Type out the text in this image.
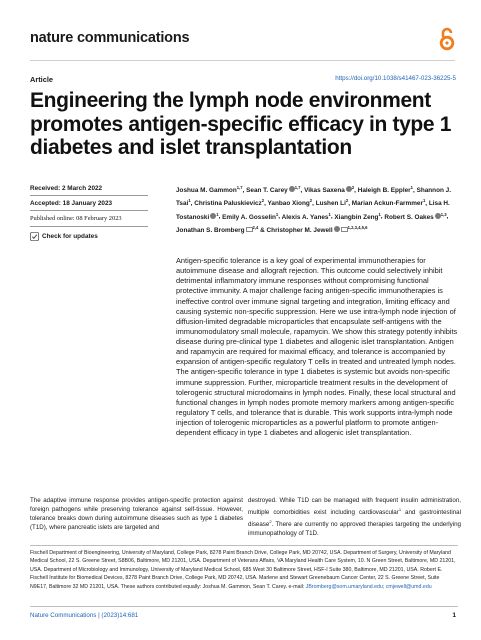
nature communications
Article	https://doi.org/10.1038/s41467-023-36225-5
Engineering the lymph node environment promotes antigen-specific efficacy in type 1 diabetes and islet transplantation
Received: 2 March 2022
Accepted: 18 January 2023
Published online: 08 February 2023
Check for updates
Joshua M. Gammon$^{1,7}$, Sean T. Carey $^{1,7}$, Vikas Saxena $^2$, Haleigh B. Eppler$^1$, Shannon J. Tsai$^1$, Christina Paluskievicz$^2$, Yanbao Xiong$^2$, Lushen Li$^2$, Marian Ackun-Farmmer$^1$, Lisa H. Tostanoski $^1$, Emily A. Gosselin$^1$, Alexis A. Yanes$^1$, Xiangbin Zeng$^1$, Robert S. Oakes $^{1,3}$, Jonathan S. Bromberg $^{2,4}$ & Christopher M. Jewell	$^{1,2,3,4,5,6}$
Antigen-specific tolerance is a key goal of experimental immunotherapies for autoimmune disease and allograft rejection. This outcome could selectively inhibit detrimental inflammatory immune responses without compromising functional protective immunity. A major challenge facing antigen-specific immunotherapies is ineffective control over immune signal targeting and integration, limiting efficacy and causing systemic non-specific suppression. Here we use intra-lymph node injection of diffusion-limited degradable microparticles that encapsulate self-antigens with the immunomodulatory small molecule, rapamycin. We show this strategy potently inhibits disease during pre-clinical type 1 diabetes and allogenic islet transplantation. Antigen and rapamycin are required for maximal efficacy, and tolerance is accompanied by expansion of antigen-specific regulatory T cells in treated and untreated lymph nodes. The antigen-specific tolerance in type 1 diabetes is systemic but avoids non-specific immune suppression. Further, microparticle treatment results in the development of tolerogenic structural microdomains in lymph nodes. Finally, these local structural and functional changes in lymph nodes promote memory markers among antigen-specific regulatory T cells, and tolerance that is durable. This work supports intra-lymph node injection of tolerogenic microparticles as a powerful platform to promote antigen-dependent efficacy in type 1 diabetes and allogenic islet transplantation.
The adaptive immune response provides antigen-specific protection against foreign pathogens while preserving tolerance against self-tissue. However, tolerance breaks down during autoimmune diseases such as type 1 diabetes (T1D), where pancreatic islets are targeted and
destroyed. While T1D can be managed with frequent insulin administration, multiple comorbidities exist including cardiovascular$^1$ and gastrointestinal disease$^2$. There are currently no approved therapies targeting the underlying immunopathology of T1D.
Fischell Department of Bioengineering, University of Maryland, College Park, 8278 Paint Branch Drive, College Park, MD 20742, USA. Department of Surgery, University of Maryland Medical School, 22 S. Greene Street, S8B06, Baltimore, MD 21201, USA. Department of Veterans Affairs, VA Maryland Health Care System, 10. N Green Street, Baltimore, MD 21201, USA. Department of Microbiology and Immunology, University of Maryland Medical School, 685 West 30 Baltimore Street, HSF-I Suite 380, Baltimore, MD 21201, USA. Robert E. Fischell Institute for Biomedical Devices, 8278 Paint Branch Drive, College Park, MD 20742, USA. Marlene and Stewart Greenebaum Cancer Center, 22 S. Greene Street, Suite N9E17, Baltimore 32 MD 21201, USA. These authors contributed equally: Joshua M. Gammon, Sean T. Carey. e-mail: JBromberg@som.umaryland.edu; cmjewell@umd.edu
Nature Communications | (2023)14:681	1
